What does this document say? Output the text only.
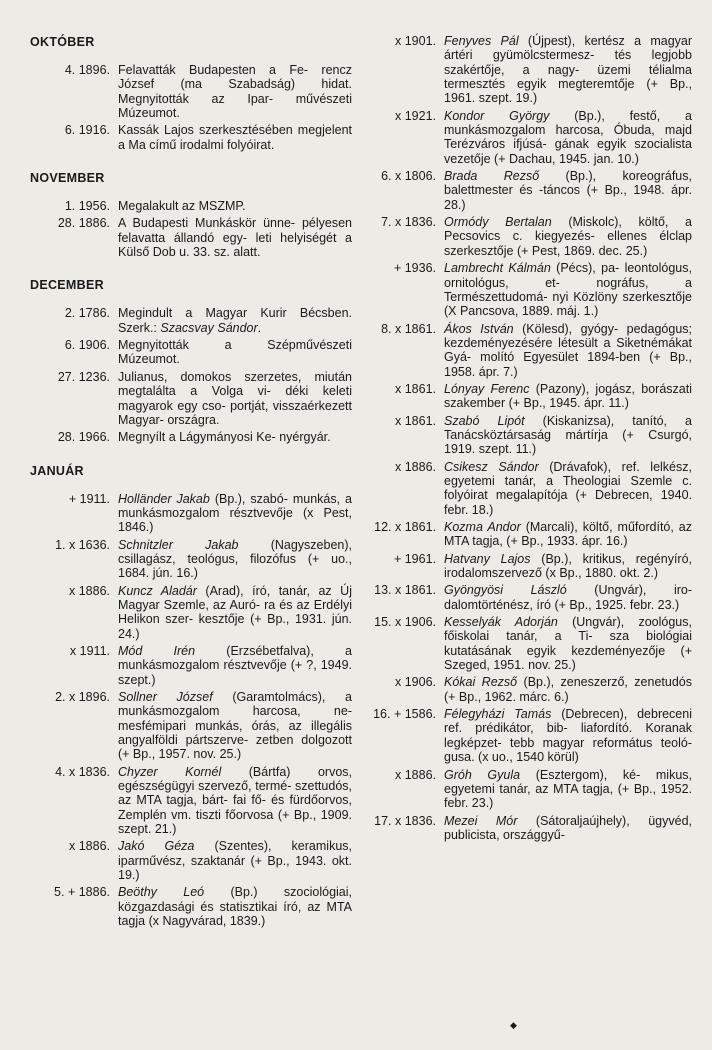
OKTÓBER
4. 1896. Felavatták Budapesten a Fe- rencz József (ma Szabadság) hidat. Megnyitották az Ipar- művészeti Múzeumot.
6. 1916. Kassák Lajos szerkesztésében megjelent a Ma című irodalmi folyóirat.
NOVEMBER
1. 1956. Megalakult az MSZMP.
28. 1886. A Budapesti Munkáskör ünne- pélyesen felavatta állandó egy- leti helyiségét a Külső Dob u. 33. sz. alatt.
DECEMBER
2. 1786. Megindult a Magyar Kurir Bécsben. Szerk.: Szacsvay Sándor.
6. 1906. Megnyitották a Szépművészeti Múzeumot.
27. 1236. Julianus, domokos szerzetes, miután megtalálta a Volga vi- déki keleti magyarok egy cso- portját, visszaérkezett Magyar- országra.
28. 1966. Megnyílt a Lágymányosi Ke- nyérgyár.
JANUÁR
+ 1911. Holländer Jakab (Bp.), szabó- munkás, a munkásmozgalom résztvevője (x Pest, 1846.)
1. x 1636. Schnitzler Jakab (Nagyszeben), csillagász, teológus, filozófus (+ uo., 1684. jún. 16.)
x 1886. Kuncz Aladár (Arad), író, tanár, az Új Magyar Szemle, az Auró- ra és az Erdélyi Helikon szer- kesztője (+ Bp., 1931. jún. 24.)
x 1911. Mód Irén (Erzsébetfalva), a munkásmozgalom résztvevője (+ ?, 1949. szept.)
2. x 1896. Sollner József (Garamtolmács), a munkásmozgalom harcosa, ne- mesfémipari munkás, órás, az illegális angyalföldi pártszerve- zetben dolgozott (+ Bp., 1957. nov. 25.)
4. x 1836. Chyzer Kornél (Bártfa) orvos, egészségügyi szervező, termé- szettudós, az MTA tagja, bárt- fai fő- és fürdőorvos, Zemplén vm. tiszti főorvosa (+ Bp., 1909. szept. 21.)
x 1886. Jakó Géza (Szentes), keramikus, iparművész, szaktanár (+ Bp., 1943. okt. 19.)
5. + 1886. Beöthy Leó (Bp.) szociológiai, közgazdasági és statisztikai író, az MTA tagja (x Nagyvárad, 1839.)
x 1901. Fenyves Pál (Újpest), kertész a magyar ártéri gyümölcstermesz- tés legjobb szakértője, a nagy- üzemi télialma termesztés egyik megteremtője (+ Bp., 1961. szept. 19.)
x 1921. Kondor György (Bp.), festő, a munkásmozgalom harcosa, Óbuda, majd Terézváros ifjúsá- gának egyik szocialista vezetője (+ Dachau, 1945. jan. 10.)
6. x 1806. Brada Rezső (Bp.), koreográfus, balettmester és -táncos (+ Bp., 1948. ápr. 28.)
7. x 1836. Ormódy Bertalan (Miskolc), költő, a Pecsovics c. kiegyezés- ellenes élclap szerkesztője (+ Pest, 1869. dec. 25.)
+ 1936. Lambrecht Kálmán (Pécs), pa- leontológus, ornitológus, et- nográfus, a Természettudomá- nyi Közlöny szerkesztője (X Pancsova, 1889. máj. 1.)
8. x 1861. Ákos István (Kölesd), gyógy- pedagógus; kezdeményezésére létesült a Siketnémákat Gyá- molító Egyesület 1894-ben (+ Bp., 1958. ápr. 7.)
x 1861. Lónyay Ferenc (Pazony), jogász, borászati szakember (+ Bp., 1945. ápr. 11.)
x 1861. Szabó Lipót (Kiskanizsa), tanító, a Tanácsköztársaság mártírja (+ Csurgó, 1919. szept. 11.)
x 1886. Csikesz Sándor (Drávafok), ref. lelkész, egyetemi tanár, a Theologiai Szemle c. folyóirat megalapítója (+ Debrecen, 1940. febr. 18.)
12. x 1861. Kozma Andor (Marcali), költő, műfordító, az MTA tagja, (+ Bp., 1933. ápr. 16.)
+ 1961. Hatvany Lajos (Bp.), kritikus, regényíró, irodalomszervező (x Bp., 1880. okt. 2.)
13. x 1861. Gyöngyösi László (Ungvár), iro- dalomtörténész, író (+ Bp., 1925. febr. 23.)
15. x 1906. Kesselyák Adorján (Ungvár), zoológus, főiskolai tanár, a Ti- sza biológiai kutatásának egyik kezdeményezője (+ Szeged, 1951. nov. 25.)
x 1906. Kókai Rezső (Bp.), zeneszerző, zenetudós (+ Bp., 1962. márc. 6.)
16. + 1586. Félegyházi Tamás (Debrecen), debreceni ref. prédikátor, bib- liafordító. Koranak legképzet- tebb magyar református teoló- gusa. (x uo., 1540 körül)
x 1886. Gróh Gyula (Esztergom), ké- mikus, egyetemi tanár, az MTA tagja, (+ Bp., 1952. febr. 23.)
17. x 1836. Mezei Mór (Sátoraljaújhely), ügyvéd, publicista, országgyű-
◆
